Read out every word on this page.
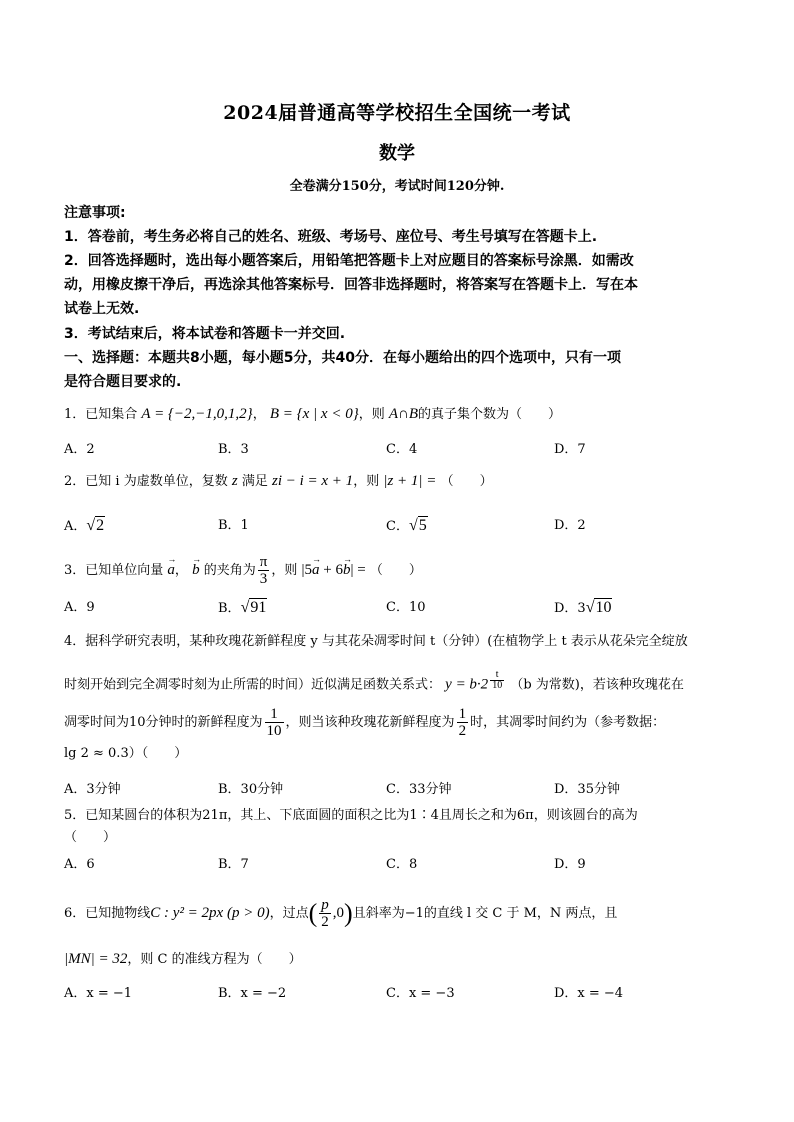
2024届普通高等学校招生全国统一考试
数学
全卷满分150分，考试时间120分钟.
注意事项:
1．答卷前，考生务必将自己的姓名、班级、考场号、座位号、考生号填写在答题卡上.
2．回答选择题时，选出每小题答案后，用铅笔把答题卡上对应题目的答案标号涂黑．如需改
动，用橡皮擦干净后，再选涂其他答案标号．回答非选择题时，将答案写在答题卡上．写在本
试卷上无效.
3．考试结束后，将本试卷和答题卡一并交回.
一、选择题：本题共8小题，每小题5分，共40分．在每小题给出的四个选项中，只有一项
是符合题目要求的.
1．已知集合 A = {−2,−1,0,1,2}， B = {x | x < 0}，则 A∩B的真子集个数为（　　）
A．2	B．3	C．4	D．7
2．已知 i 为虚数单位，复数 z 满足 zi − i = x + 1，则 |z + 1| = （　　）
A．√2	B．1	C．√5	D．2
3．已知单位向量 → a， → b 的夹角为 $\frac{\pi}{3}$ ，则 |5→ a + 6→ b| = （　　）
A．9	B．√91	C．10	D．3√10
4．据科学研究表明，某种玫瑰花新鲜程度 y 与其花朵凋零时间 t（分钟）(在植物学上 t 表示从花朵完全绽放
时刻开始到完全凋零时刻为止所需的时间）近似满足函数关系式： y = b·2 $^{\frac{t}{10}}$ （b 为常数)，若该种玫瑰花在
凋零时间为10分钟时的新鲜程度为 $\frac{1}{10}$ ，则当该种玫瑰花新鲜程度为 $\frac{1}{2}$ 时，其凋零时间约为（参考数据：
lg 2 ≈ 0.3）（　　）
A．3分钟	B．30分钟	C．33分钟	D．35分钟
5．已知某圆台的体积为21π，其上、下底面圆的面积之比为1∶4且周长之和为6π，则该圆台的高为
（　　）
A．6	B．7	C．8	D．9
6．已知抛物线C : y² = 2px (p > 0)，过点( $\frac{p}{2} ,0$)且斜率为−1的直线 l 交 C 于 M，N 两点，且
|MN| = 32，则 C 的准线方程为（　　）
A．x = −1	B．x = −2	C．x = −3	D．x = −4
